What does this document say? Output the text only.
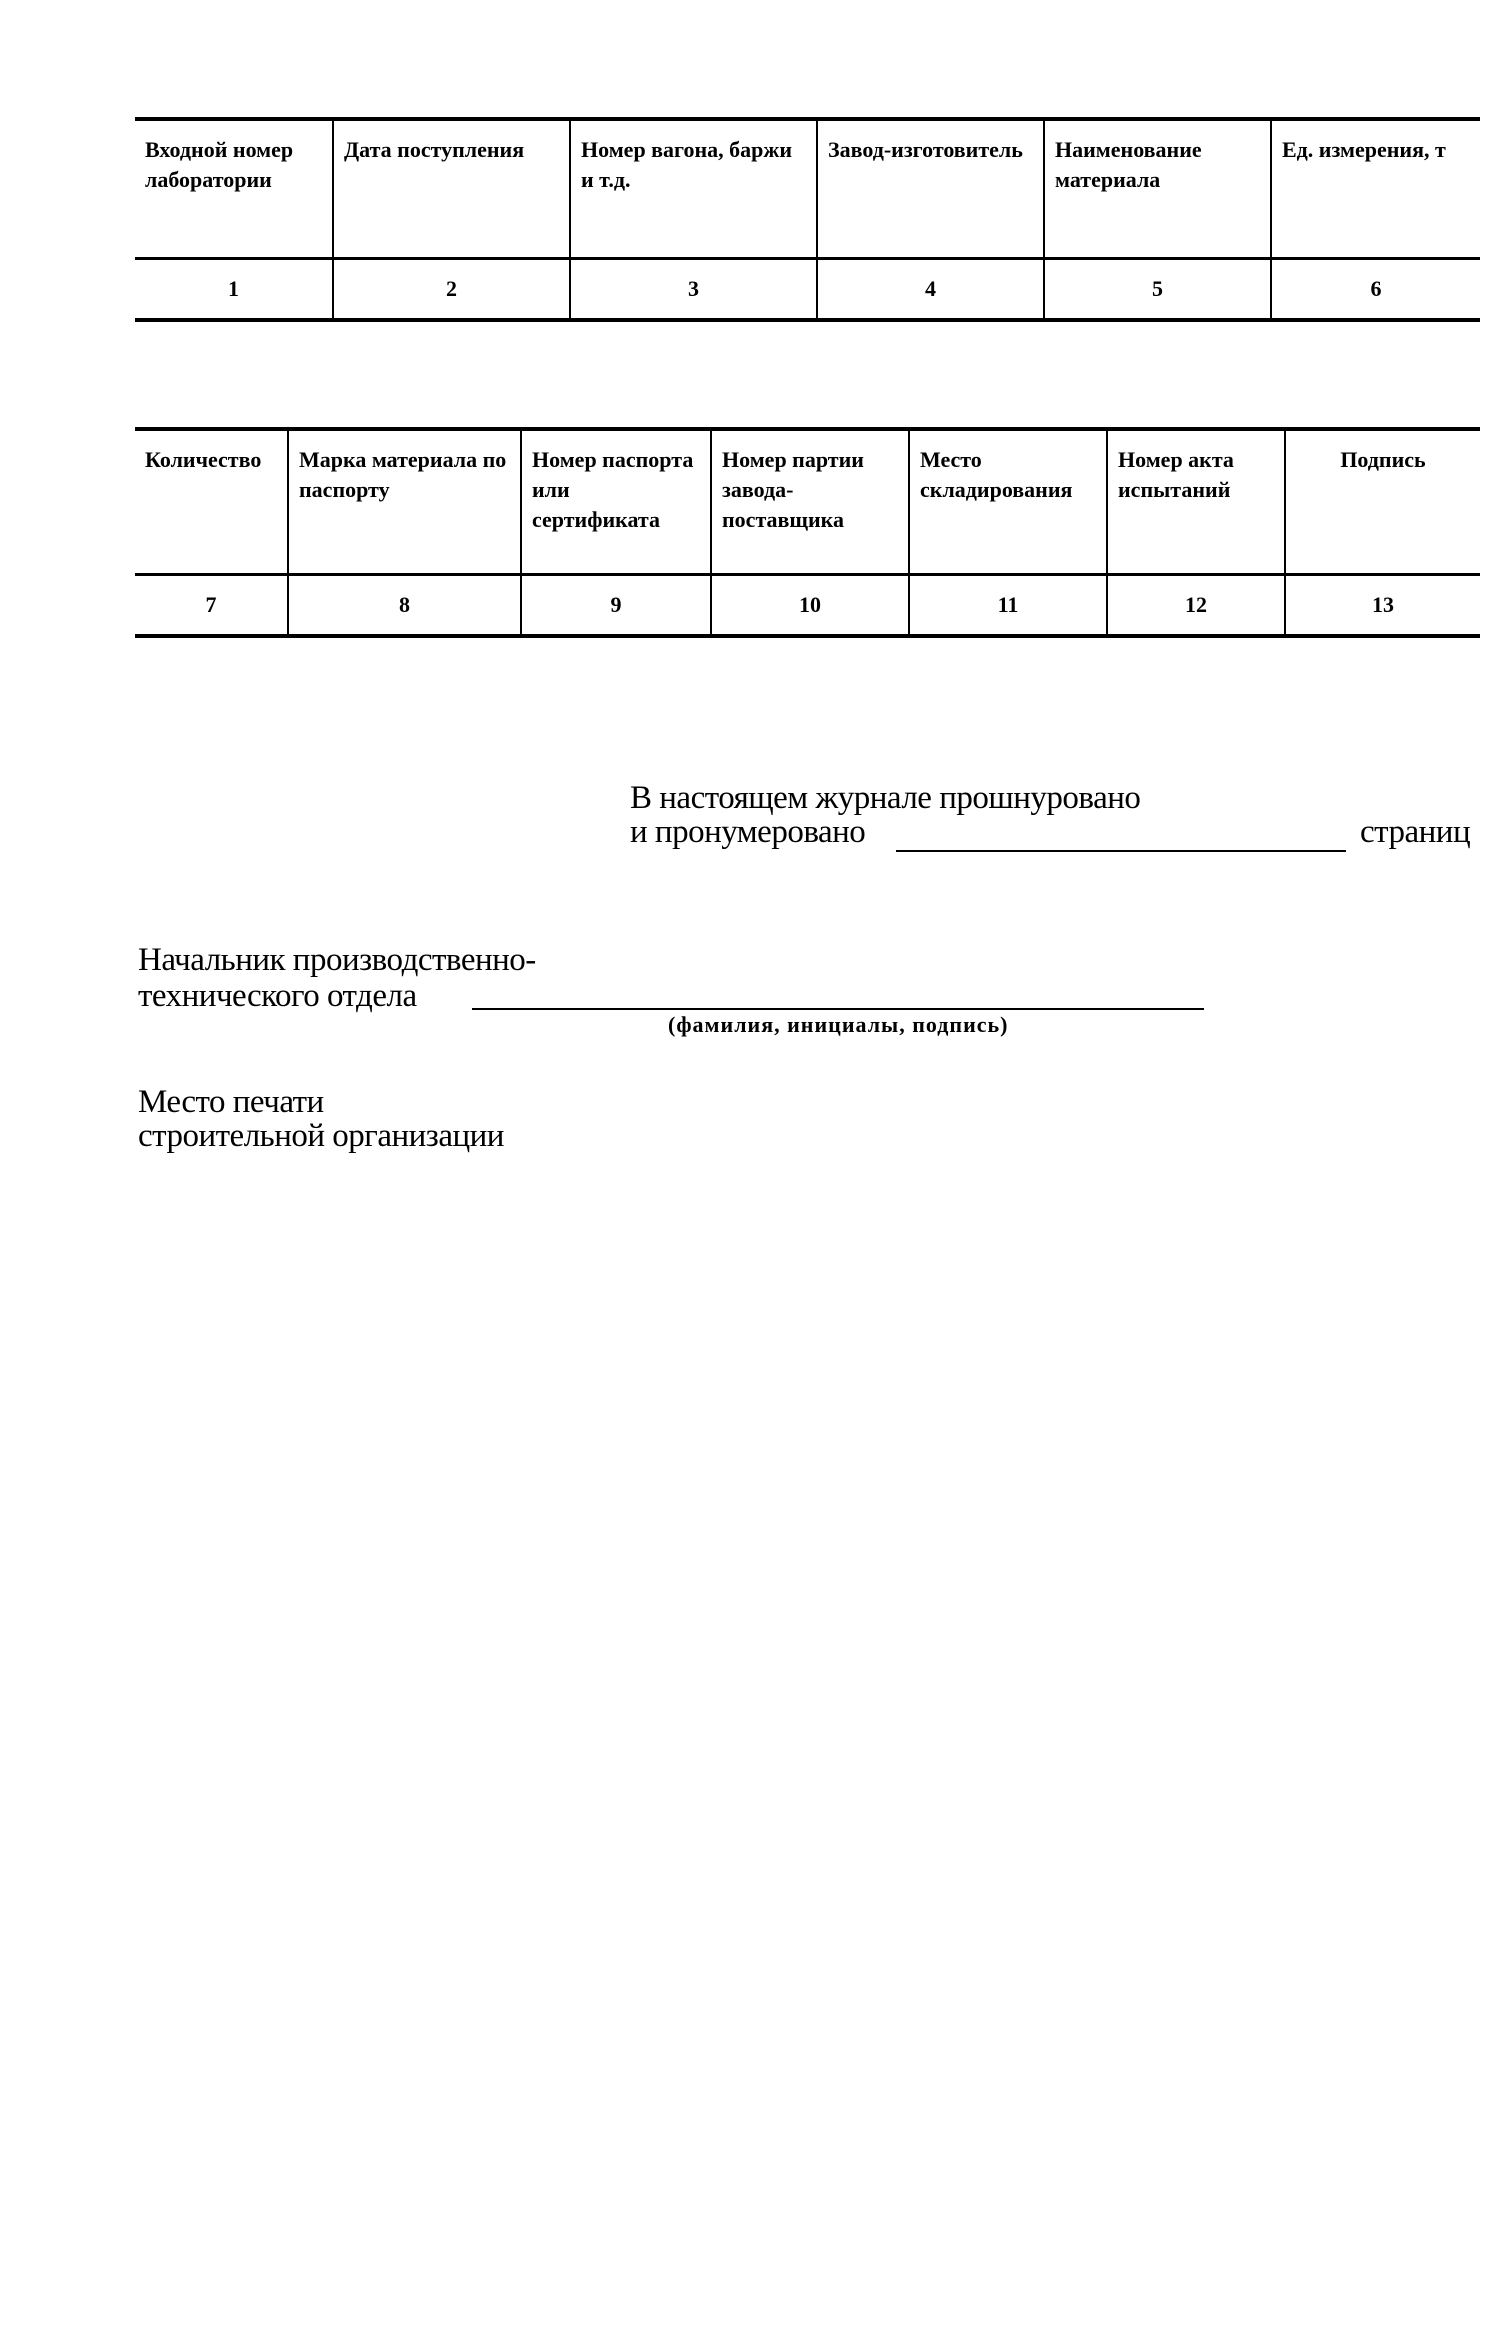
Входной номер лаборатории	Дата поступления	Номер вагона, баржи и т.д.	Завод-изготовитель	Наименование материала	Ед. измерения, т
1	2	3	4	5	6
Количество	Марка материала по паспорту	Номер паспорта или сертификата	Номер партии завода-поставщика	Место складирования	Номер акта испытаний	Подпись
7	8	9	10	11	12	13
В настоящем журнале прошнуровано
и пронумеровано	страниц
Начальник производственно-
технического отдела
(фамилия, инициалы, подпись)
Место печати
строительной организации
